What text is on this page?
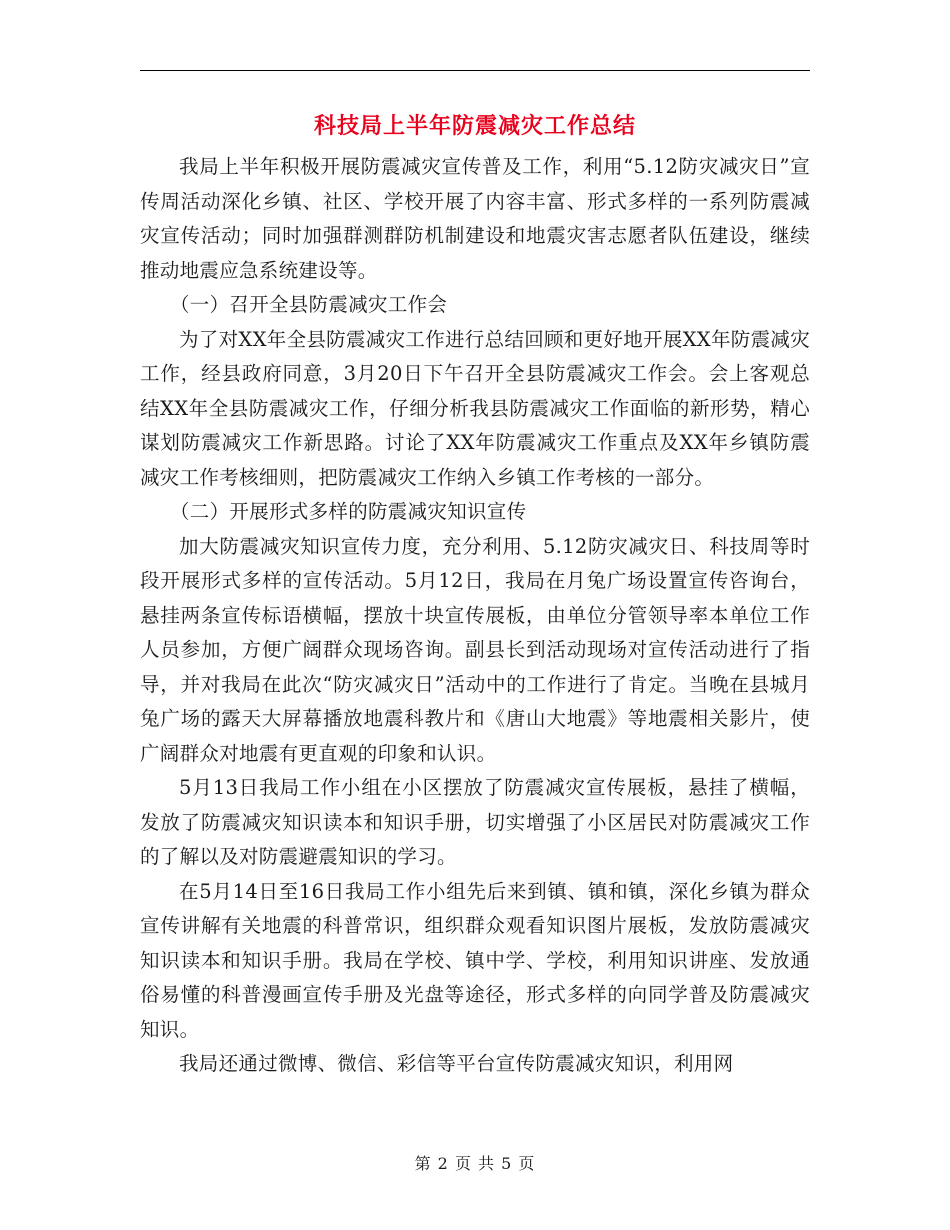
科技局上半年防震减灾工作总结

我局上半年积极开展防震减灾宣传普及工作，利用“5.12防灾减灾日”宣传周活动深化乡镇、社区、学校开展了内容丰富、形式多样的一系列防震减灾宣传活动；同时加强群测群防机制建设和地震灾害志愿者队伍建设，继续推动地震应急系统建设等。

（一）召开全县防震减灾工作会

为了对XX年全县防震减灾工作进行总结回顾和更好地开展XX年防震减灾工作，经县政府同意，3月20日下午召开全县防震减灾工作会。会上客观总结XX年全县防震减灾工作，仔细分析我县防震减灾工作面临的新形势，精心谋划防震减灾工作新思路。讨论了XX年防震减灾工作重点及XX年乡镇防震减灾工作考核细则，把防震减灾工作纳入乡镇工作考核的一部分。

（二）开展形式多样的防震减灾知识宣传

加大防震减灾知识宣传力度，充分利用、5.12防灾减灾日、科技周等时段开展形式多样的宣传活动。5月12日，我局在月兔广场设置宣传咨询台，悬挂两条宣传标语横幅，摆放十块宣传展板，由单位分管领导率本单位工作人员参加，方便广阔群众现场咨询。副县长到活动现场对宣传活动进行了指导，并对我局在此次“防灾减灾日”活动中的工作进行了肯定。当晚在县城月兔广场的露天大屏幕播放地震科教片和《唐山大地震》等地震相关影片，使广阔群众对地震有更直观的印象和认识。

5月13日我局工作小组在小区摆放了防震减灾宣传展板，悬挂了横幅，发放了防震减灾知识读本和知识手册，切实增强了小区居民对防震减灾工作的了解以及对防震避震知识的学习。

在5月14日至16日我局工作小组先后来到镇、镇和镇，深化乡镇为群众宣传讲解有关地震的科普常识，组织群众观看知识图片展板，发放防震减灾知识读本和知识手册。我局在学校、镇中学、学校，利用知识讲座、发放通俗易懂的科普漫画宣传手册及光盘等途径，形式多样的向同学普及防震减灾知识。

我局还通过微博、微信、彩信等平台宣传防震减灾知识，利用网

第 2 页 共 5 页
